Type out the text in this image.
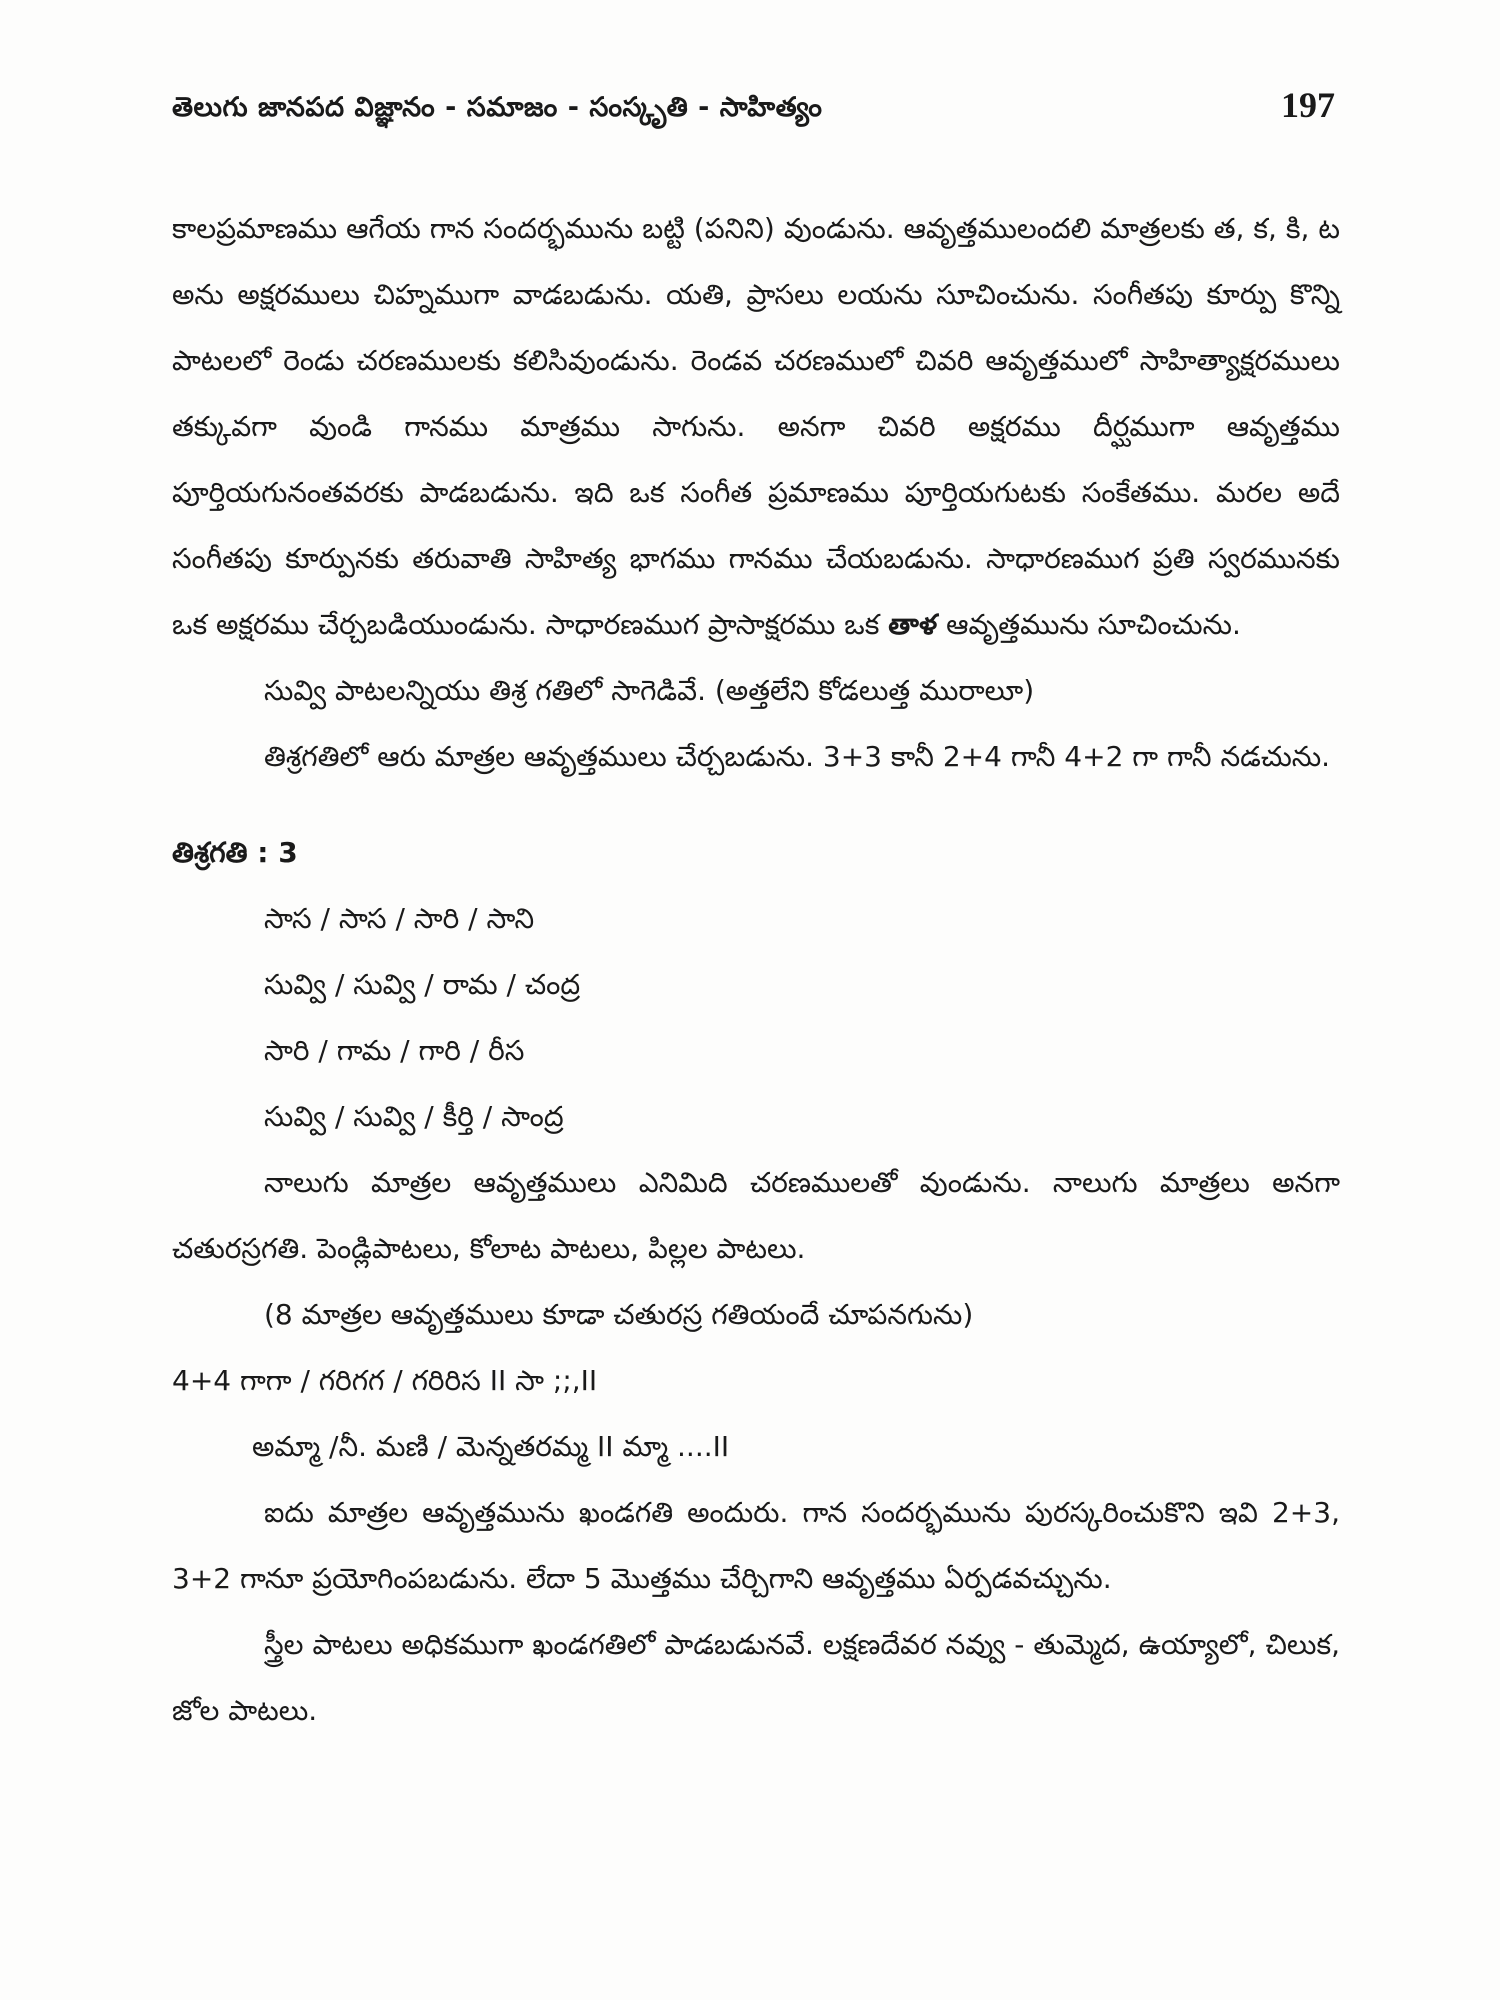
తెలుగు జానపద విజ్ఞానం - సమాజం - సంస్కృతి - సాహిత్యం	197

కాలప్రమాణము ఆగేయ గాన సందర్భమును బట్టి (పనిని) వుండును. ఆవృత్తములందలి మాత్రలకు త, క, కి, ట అను అక్షరములు చిహ్నముగా వాడబడును. యతి, ప్రాసలు లయను సూచించును. సంగీతపు కూర్పు కొన్ని పాటలలో రెండు చరణములకు కలిసివుండును. రెండవ చరణములో చివరి ఆవృత్తములో సాహిత్యాక్షరములు తక్కువగా వుండి గానము మాత్రము సాగును. అనగా చివరి అక్షరము దీర్ఘముగా ఆవృత్తము పూర్తియగునంతవరకు పాడబడును. ఇది ఒక సంగీత ప్రమాణము పూర్తియగుటకు సంకేతము. మరల అదే సంగీతపు కూర్పునకు తరువాతి సాహిత్య భాగము గానము చేయబడును. సాధారణముగ ప్రతి స్వరమునకు ఒక అక్షరము చేర్చబడియుండును. సాధారణముగ ప్రాసాక్షరము ఒక తాళ ఆవృత్తమును సూచించును.

సువ్వి పాటలన్నియు తిశ్ర గతిలో సాగెడివే. (అత్తలేని కోడలుత్త మురాలూ)

తిశ్రగతిలో ఆరు మాత్రల ఆవృత్తములు చేర్చబడును. 3+3 కానీ 2+4 గానీ 4+2 గా గానీ నడచును.

తిశ్రగతి : 3

సాస / సాస / సారి / సాని
సువ్వి / సువ్వి / రామ / చంద్ర
సారి / గామ / గారి / రీస
సువ్వి / సువ్వి / కీర్తి / సాంద్ర

నాలుగు మాత్రల ఆవృత్తములు ఎనిమిది చరణములతో వుండును. నాలుగు మాత్రలు అనగా చతురస్రగతి. పెండ్లిపాటలు, కోలాట పాటలు, పిల్లల పాటలు.

(8 మాత్రల ఆవృత్తములు కూడా చతురస్ర గతియందే చూపనగును)

4+4 గాగా / గరిగగ / గరిరిస II సా ;;,II
అమ్మా /నీ. మణి / మెన్నతరమ్మ II మ్మా ....II

ఐదు మాత్రల ఆవృత్తమును ఖండగతి అందురు. గాన సందర్భమును పురస్కరించుకొని ఇవి 2+3, 3+2 గానూ ప్రయోగింపబడును. లేదా 5 మొత్తము చేర్చిగాని ఆవృత్తము ఏర్పడవచ్చును.

స్త్రీల పాటలు అధికముగా ఖండగతిలో పాడబడునవే. లక్షణదేవర నవ్వు - తుమ్మెద, ఉయ్యాలో, చిలుక, జోల పాటలు.
